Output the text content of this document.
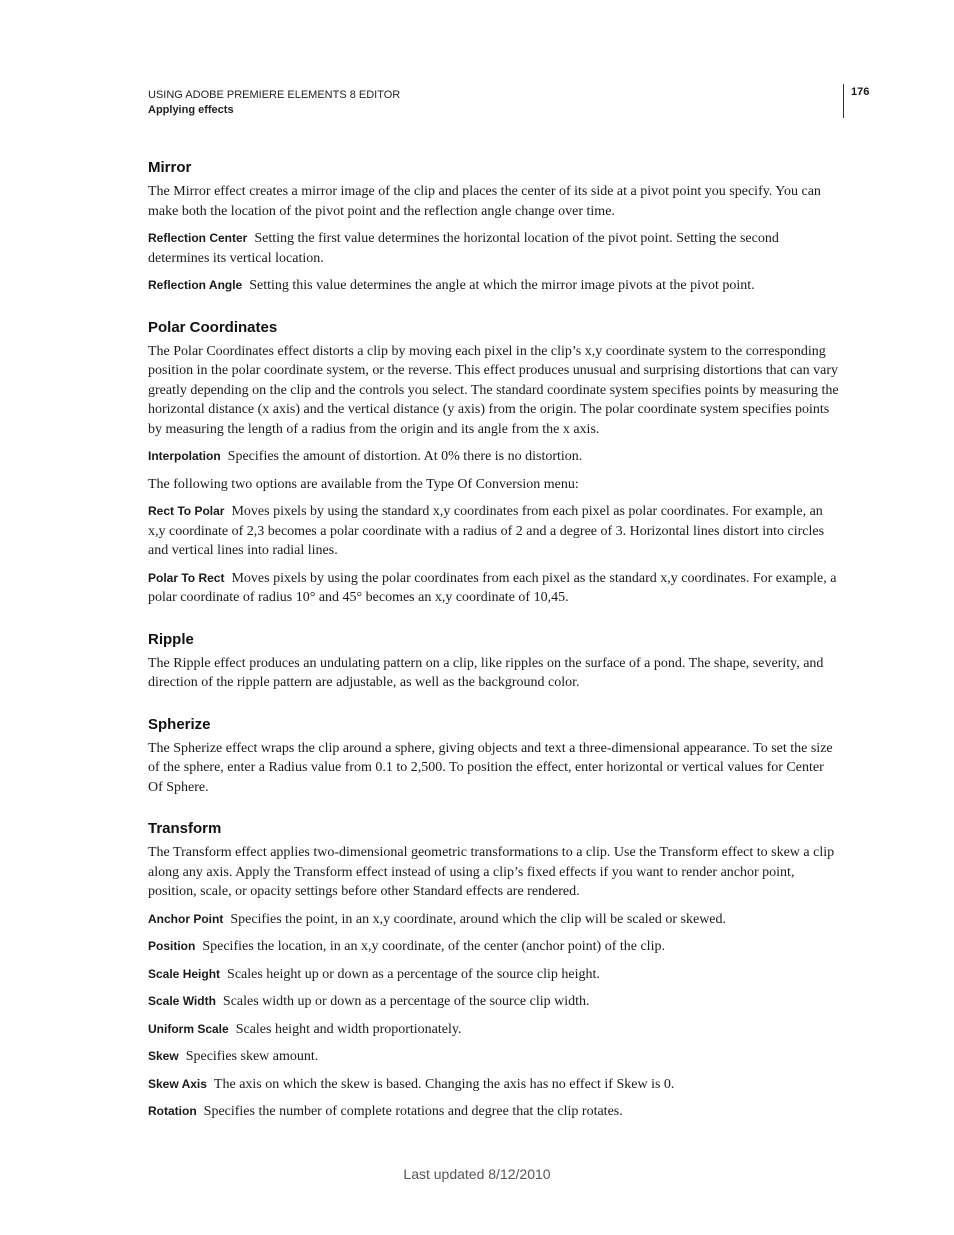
USING ADOBE PREMIERE ELEMENTS 8 EDITOR
Applying effects
176
Mirror

The Mirror effect creates a mirror image of the clip and places the center of its side at a pivot point you specify. You can make both the location of the pivot point and the reflection angle change over time.

Reflection Center Setting the first value determines the horizontal location of the pivot point. Setting the second determines its vertical location.

Reflection Angle Setting this value determines the angle at which the mirror image pivots at the pivot point.

Polar Coordinates

The Polar Coordinates effect distorts a clip by moving each pixel in the clip’s x,y coordinate system to the corresponding position in the polar coordinate system, or the reverse. This effect produces unusual and surprising distortions that can vary greatly depending on the clip and the controls you select. The standard coordinate system specifies points by measuring the horizontal distance (x axis) and the vertical distance (y axis) from the origin. The polar coordinate system specifies points by measuring the length of a radius from the origin and its angle from the x axis.

Interpolation Specifies the amount of distortion. At 0% there is no distortion.

The following two options are available from the Type Of Conversion menu:

Rect To Polar Moves pixels by using the standard x,y coordinates from each pixel as polar coordinates. For example, an x,y coordinate of 2,3 becomes a polar coordinate with a radius of 2 and a degree of 3. Horizontal lines distort into circles and vertical lines into radial lines.

Polar To Rect Moves pixels by using the polar coordinates from each pixel as the standard x,y coordinates. For example, a polar coordinate of radius 10° and 45° becomes an x,y coordinate of 10,45.

Ripple

The Ripple effect produces an undulating pattern on a clip, like ripples on the surface of a pond. The shape, severity, and direction of the ripple pattern are adjustable, as well as the background color.

Spherize

The Spherize effect wraps the clip around a sphere, giving objects and text a three-dimensional appearance. To set the size of the sphere, enter a Radius value from 0.1 to 2,500. To position the effect, enter horizontal or vertical values for Center Of Sphere.

Transform

The Transform effect applies two-dimensional geometric transformations to a clip. Use the Transform effect to skew a clip along any axis. Apply the Transform effect instead of using a clip’s fixed effects if you want to render anchor point, position, scale, or opacity settings before other Standard effects are rendered.

Anchor Point Specifies the point, in an x,y coordinate, around which the clip will be scaled or skewed.

Position Specifies the location, in an x,y coordinate, of the center (anchor point) of the clip.

Scale Height Scales height up or down as a percentage of the source clip height.

Scale Width Scales width up or down as a percentage of the source clip width.

Uniform Scale Scales height and width proportionately.

Skew Specifies skew amount.

Skew Axis The axis on which the skew is based. Changing the axis has no effect if Skew is 0.

Rotation Specifies the number of complete rotations and degree that the clip rotates.

Last updated 8/12/2010
